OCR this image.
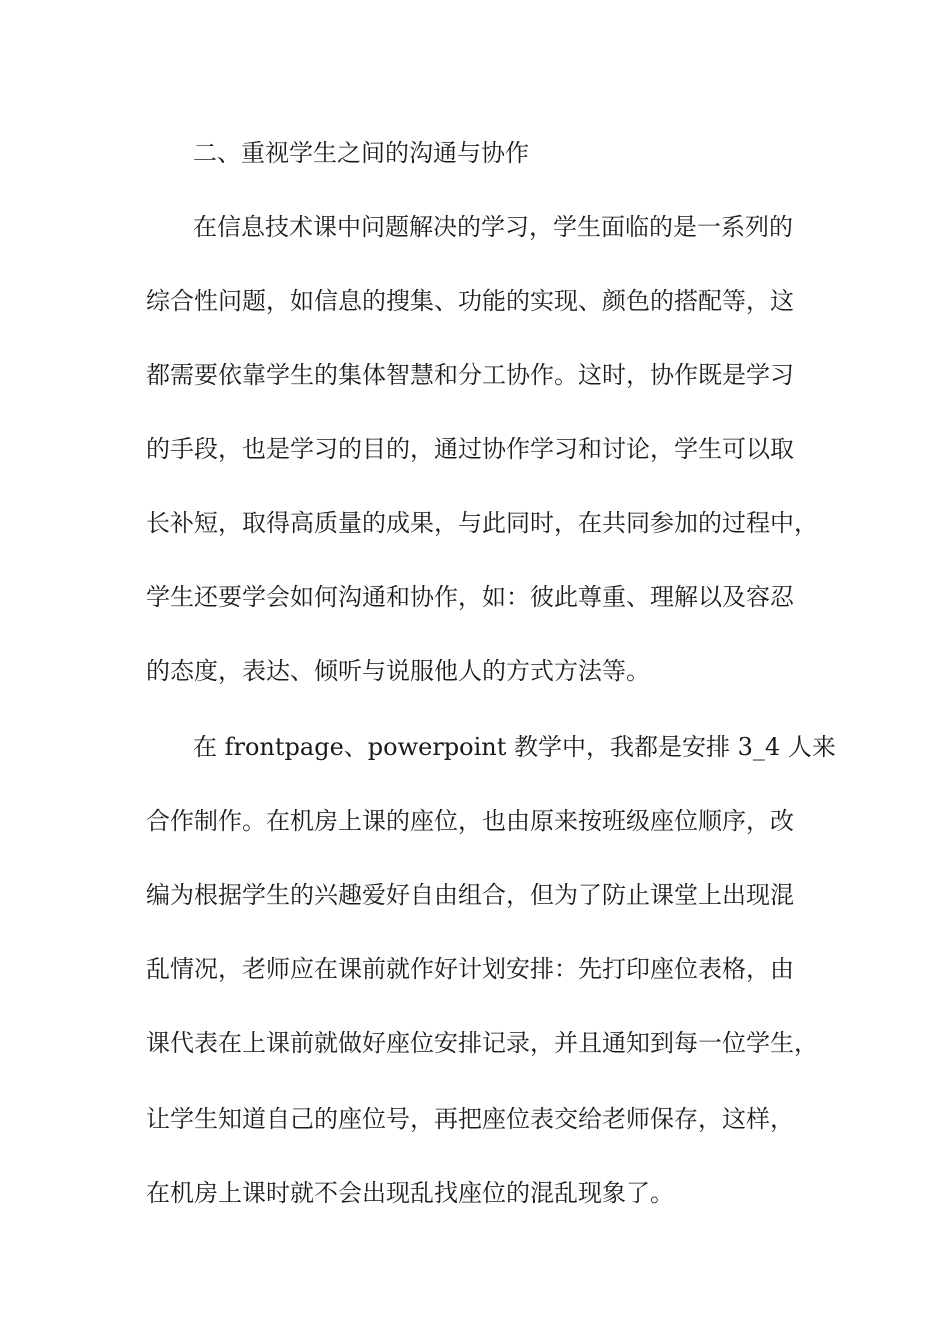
二、重视学生之间的沟通与协作

在信息技术课中问题解决的学习，学生面临的是一系列的

综合性问题，如信息的搜集、功能的实现、颜色的搭配等，这

都需要依靠学生的集体智慧和分工协作。这时，协作既是学习

的手段，也是学习的目的，通过协作学习和讨论，学生可以取

长补短，取得高质量的成果，与此同时，在共同参加的过程中，

学生还要学会如何沟通和协作，如：彼此尊重、理解以及容忍

的态度，表达、倾听与说服他人的方式方法等。

在 frontpage、powerpoint 教学中，我都是安排 3_4 人来

合作制作。在机房上课的座位，也由原来按班级座位顺序，改

编为根据学生的兴趣爱好自由组合，但为了防止课堂上出现混

乱情况，老师应在课前就作好计划安排：先打印座位表格，由

课代表在上课前就做好座位安排记录，并且通知到每一位学生，

让学生知道自己的座位号，再把座位表交给老师保存，这样，

在机房上课时就不会出现乱找座位的混乱现象了。
